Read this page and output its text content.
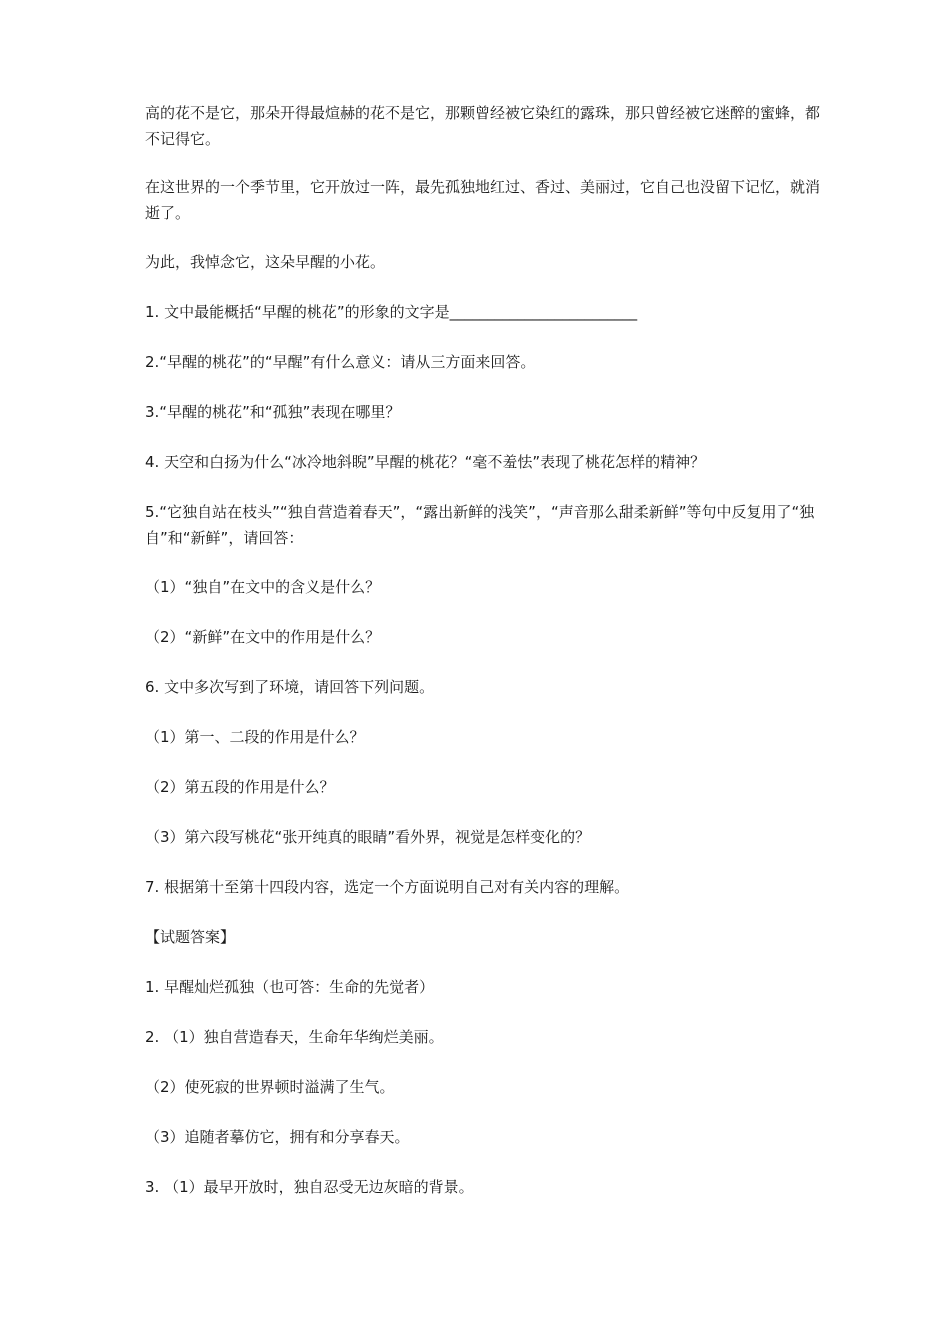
高的花不是它，那朵开得最煊赫的花不是它，那颗曾经被它染红的露珠，那只曾经被它迷醉的蜜蜂，都不记得它。

在这世界的一个季节里，它开放过一阵，最先孤独地红过、香过、美丽过，它自己也没留下记忆，就消逝了。

为此，我悼念它，这朵早醒的小花。

1. 文中最能概括“早醒的桃花”的形象的文字是_________________________

2.“早醒的桃花”的“早醒”有什么意义：请从三方面来回答。

3.“早醒的桃花”和“孤独”表现在哪里？

4. 天空和白扬为什么“冰冷地斜睨”早醒的桃花？“毫不羞怯”表现了桃花怎样的精神？

5.“它独自站在枝头”“独自营造着春天”，“露出新鲜的浅笑”，“声音那么甜柔新鲜”等句中反复用了“独自”和“新鲜”，请回答：

（1）“独自”在文中的含义是什么？

（2）“新鲜”在文中的作用是什么？

6. 文中多次写到了环境，请回答下列问题。

（1）第一、二段的作用是什么？

（2）第五段的作用是什么？

（3）第六段写桃花“张开纯真的眼睛”看外界，视觉是怎样变化的？

7. 根据第十至第十四段内容，选定一个方面说明自己对有关内容的理解。

【试题答案】

1. 早醒灿烂孤独（也可答：生命的先觉者）

2. （1）独自营造春天，生命年华绚烂美丽。

（2）使死寂的世界顿时溢满了生气。

（3）追随者摹仿它，拥有和分享春天。

3. （1）最早开放时，独自忍受无边灰暗的背景。
